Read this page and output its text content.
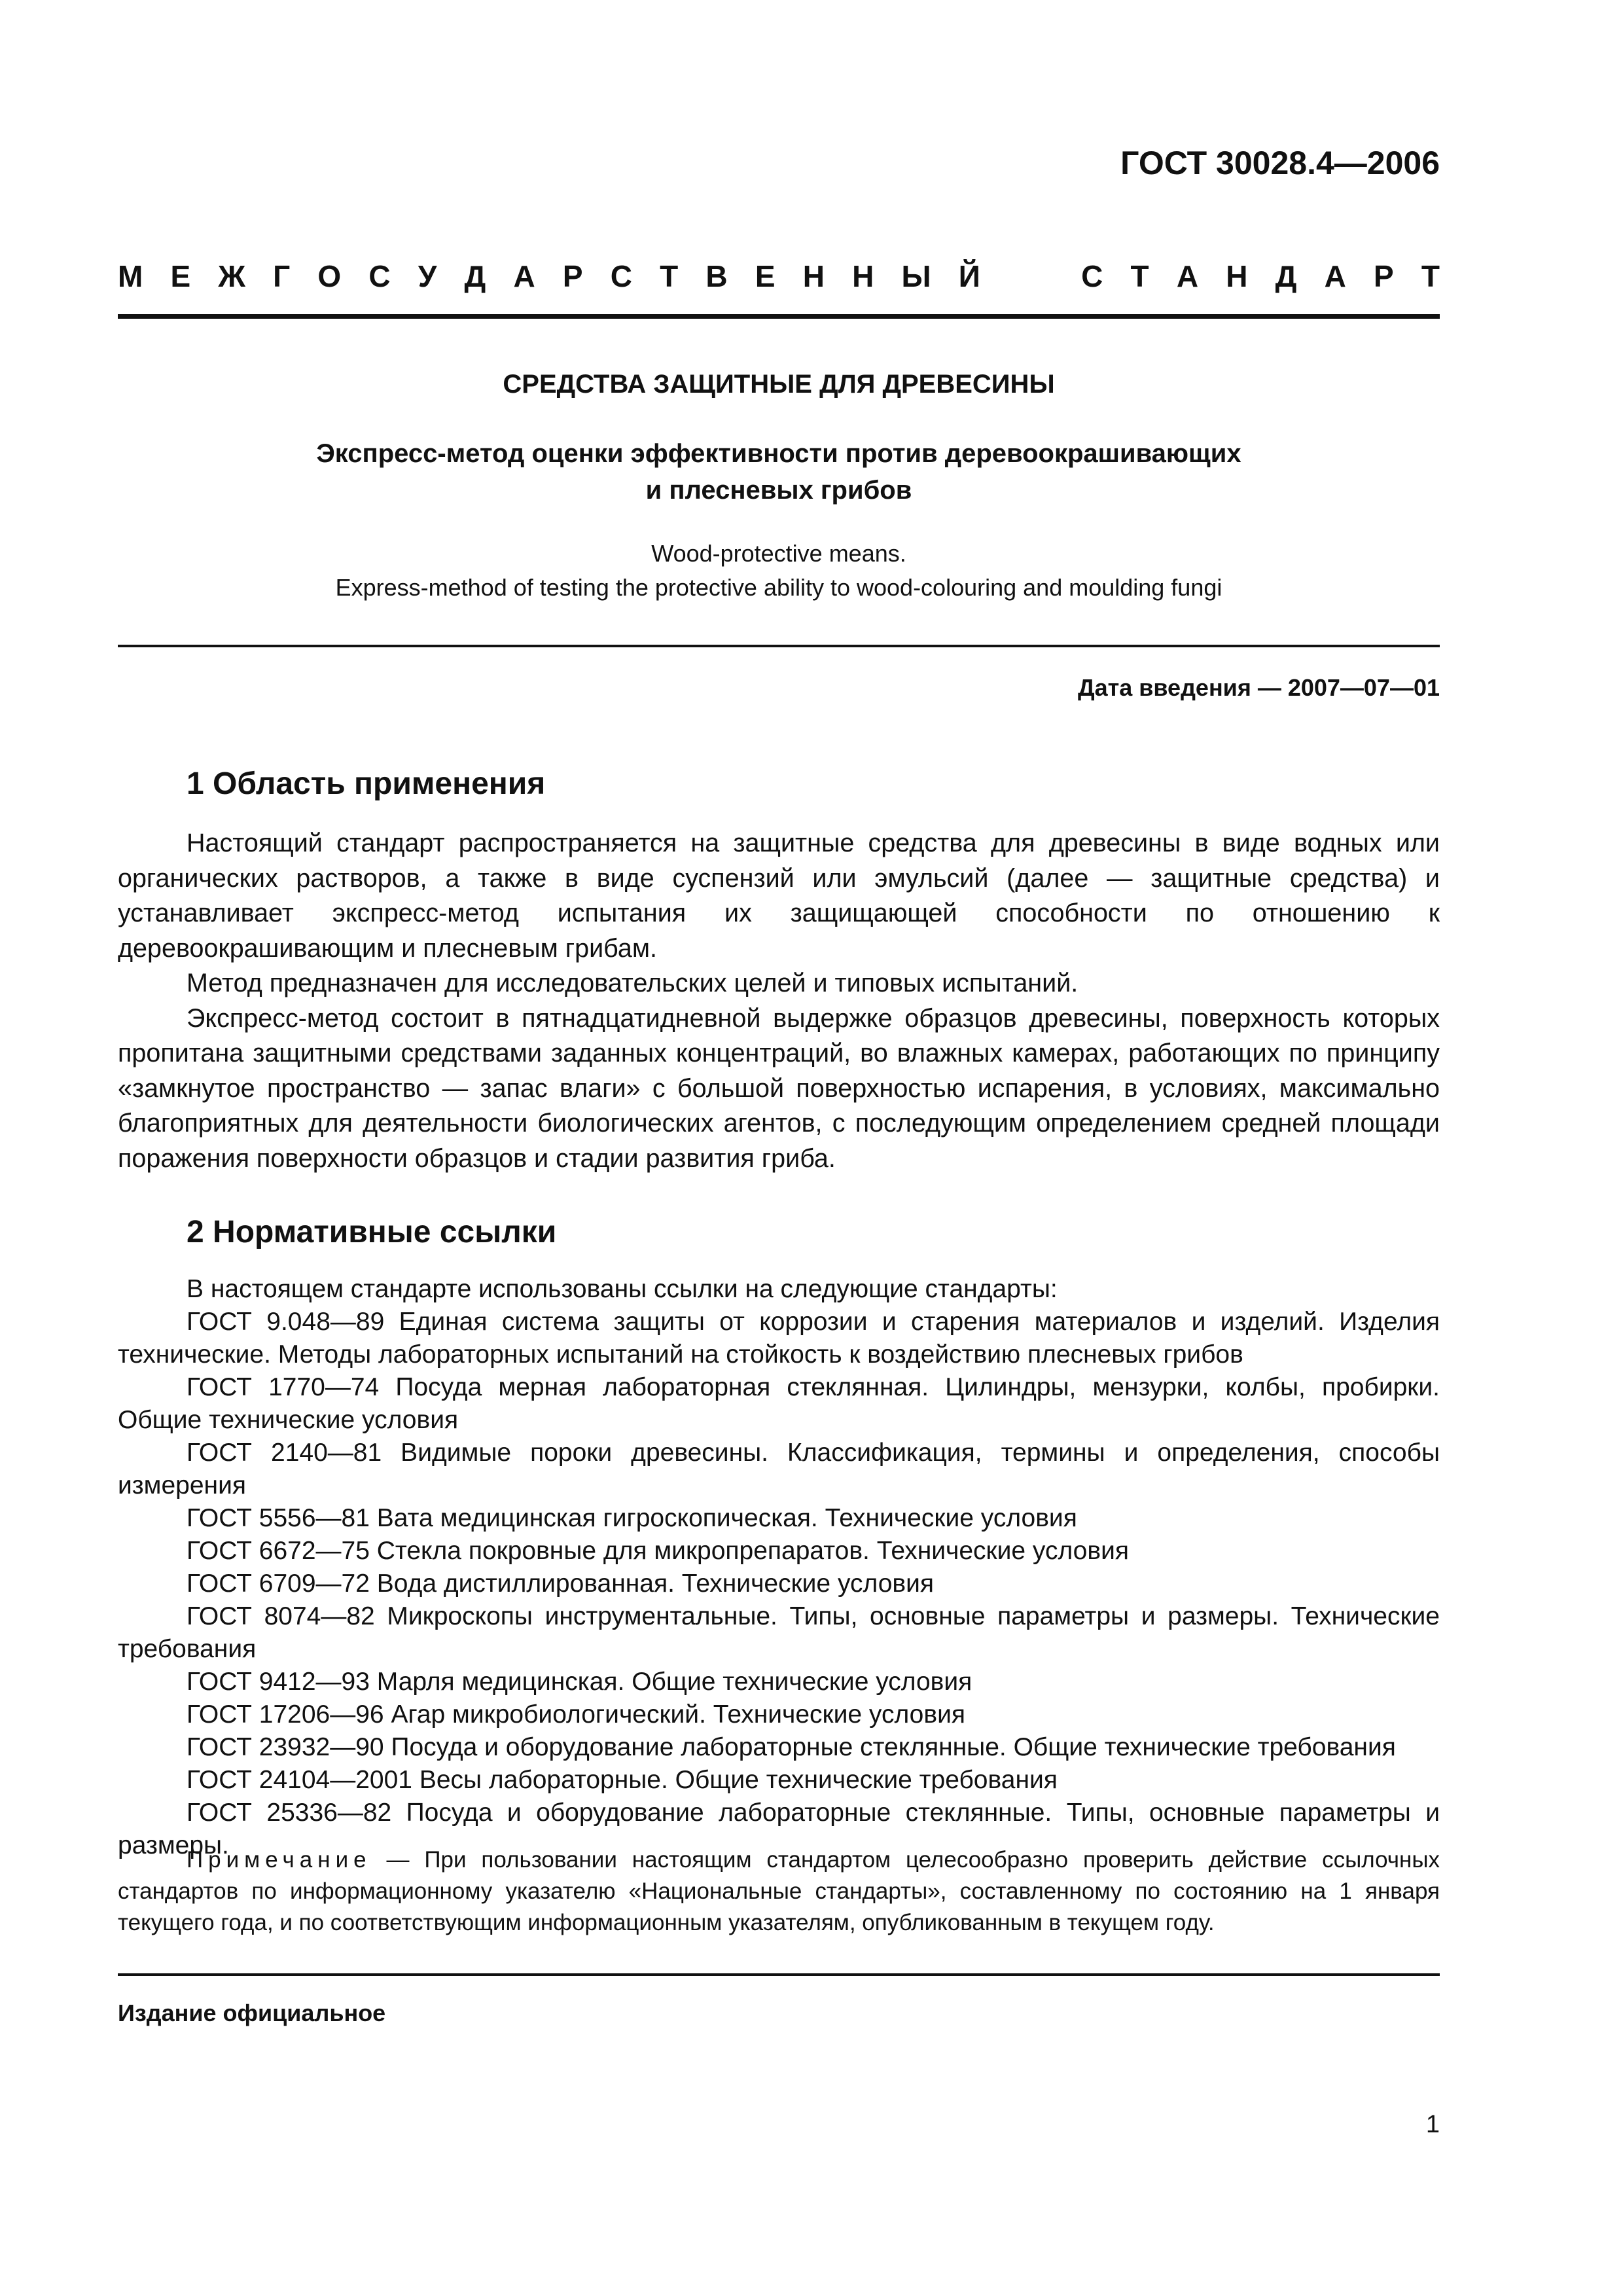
ГОСТ 30028.4—2006
М Е Ж Г О С У Д А Р С Т В Е Н Н Ы Й	С Т А Н Д А Р Т
СРЕДСТВА ЗАЩИТНЫЕ ДЛЯ ДРЕВЕСИНЫ
Экспресс-метод оценки эффективности против деревоокрашивающих
и плесневых грибов
Wood-protective means.
Express-method of testing the protective ability to wood-colouring and moulding fungi
Дата введения — 2007—07—01
1 Область применения

Настоящий стандарт распространяется на защитные средства для древесины в виде водных или органических растворов, а также в виде суспензий или эмульсий (далее — защитные средства) и устанавливает экспресс-метод испытания их защищающей способности по отношению к деревоокрашивающим и плесневым грибам.

Метод предназначен для исследовательских целей и типовых испытаний.

Экспресс-метод состоит в пятнадцатидневной выдержке образцов древесины, поверхность которых пропитана защитными средствами заданных концентраций, во влажных камерах, работающих по принципу «замкнутое пространство — запас влаги» с большой поверхностью испарения, в условиях, максимально благоприятных для деятельности биологических агентов, с последующим определением средней площади поражения поверхности образцов и стадии развития гриба.

2 Нормативные ссылки

В настоящем стандарте использованы ссылки на следующие стандарты:

ГОСТ 9.048—89 Единая система защиты от коррозии и старения материалов и изделий. Изделия технические. Методы лабораторных испытаний на стойкость к воздействию плесневых грибов

ГОСТ 1770—74 Посуда мерная лабораторная стеклянная. Цилиндры, мензурки, колбы, пробирки. Общие технические условия

ГОСТ 2140—81 Видимые пороки древесины. Классификация, термины и определения, способы измерения

ГОСТ 5556—81 Вата медицинская гигроскопическая. Технические условия

ГОСТ 6672—75 Стекла покровные для микропрепаратов. Технические условия

ГОСТ 6709—72 Вода дистиллированная. Технические условия

ГОСТ 8074—82 Микроскопы инструментальные. Типы, основные параметры и размеры. Технические требования

ГОСТ 9412—93 Марля медицинская. Общие технические условия

ГОСТ 17206—96 Агар микробиологический. Технические условия

ГОСТ 23932—90 Посуда и оборудование лабораторные стеклянные. Общие технические требования

ГОСТ 24104—2001 Весы лабораторные. Общие технические требования

ГОСТ 25336—82 Посуда и оборудование лабораторные стеклянные. Типы, основные параметры и размеры.

Примечание — При пользовании настоящим стандартом целесообразно проверить действие ссылочных стандартов по информационному указателю «Национальные стандарты», составленному по состоянию на 1 января текущего года, и по соответствующим информационным указателям, опубликованным в текущем году.

Издание официальное
1
